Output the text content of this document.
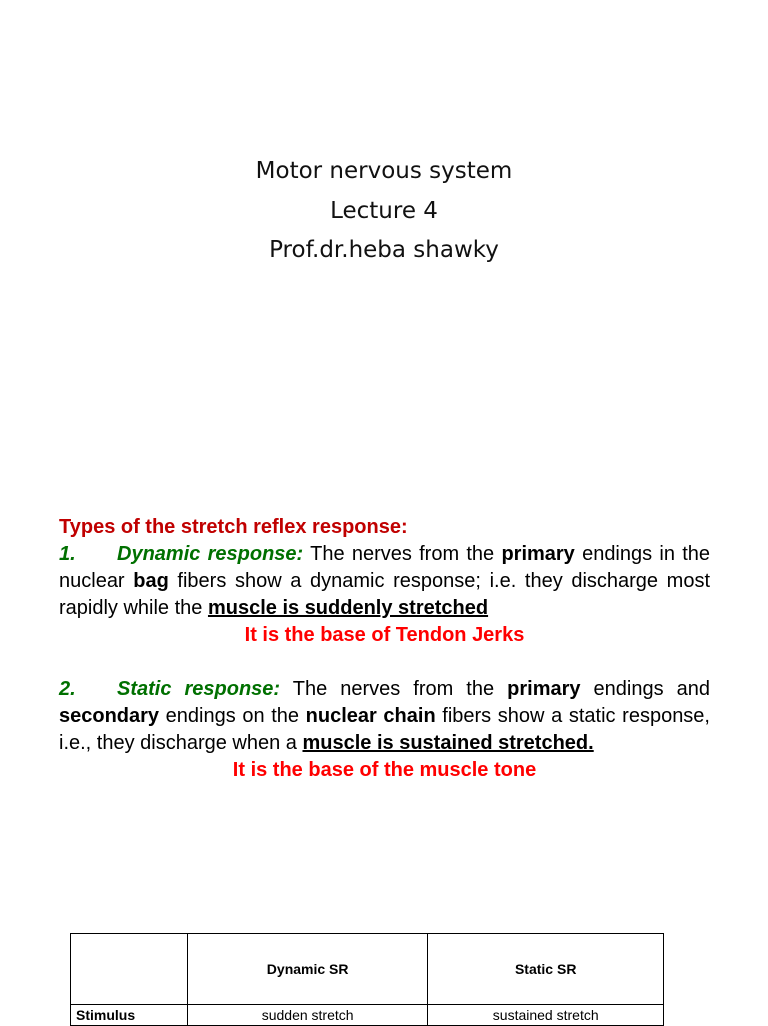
Motor nervous system
Lecture 4
Prof.dr.heba shawky

Types of the stretch reflex response:

1. Dynamic response: The nerves from the primary endings in the nuclear bag fibers show a dynamic response; i.e. they discharge most rapidly while the muscle is suddenly stretched

It is the base of Tendon Jerks

2. Static response: The nerves from the primary endings and secondary endings on the nuclear chain fibers show a static response, i.e., they discharge when a muscle is sustained stretched.

It is the base of the muscle tone

	Dynamic SR	Static SR
Stimulus	sudden stretch	sustained stretch
